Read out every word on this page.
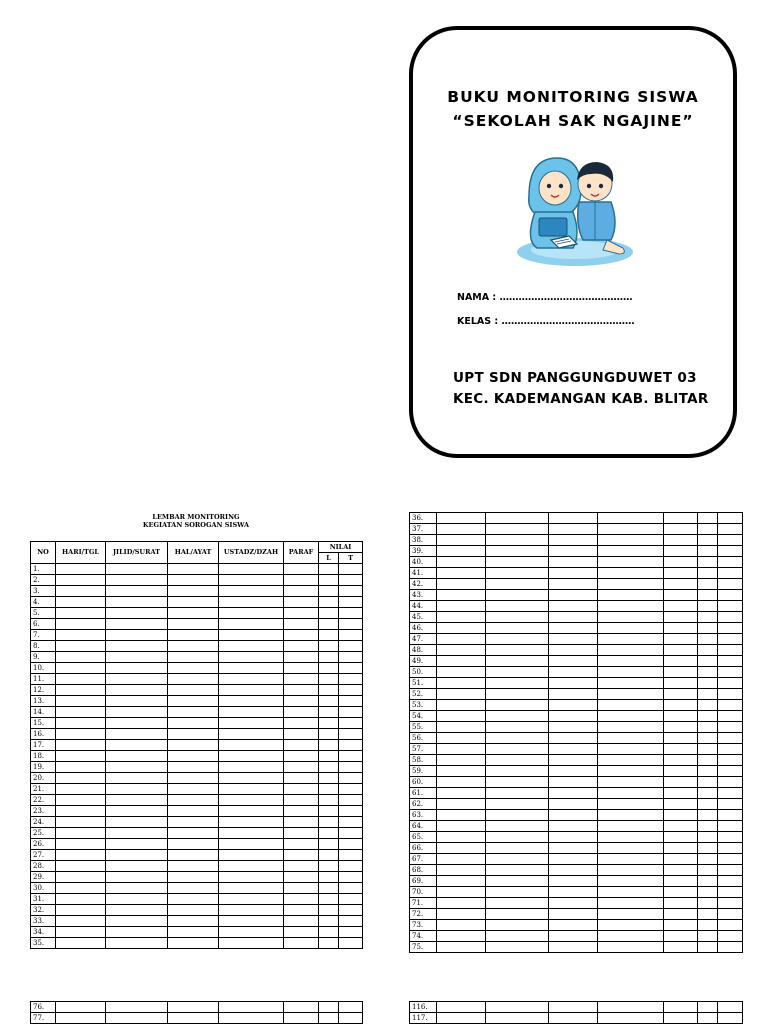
BUKU MONITORING SISWA
“SEKOLAH SAK NGAJINE”
NAMA : ……………………………………
KELAS : ……………………………………
UPT SDN PANGGUNGDUWET 03
KEC. KADEMANGAN KAB. BLITAR
LEMBAR MONITORING
KEGIATAN SOROGAN SISWA
NO	HARI/TGL	JILID/SURAT	HAL/AYAT	USTADZ/DZAH	PARAF	NILAI	
						L	T
1.							
2.							
3.							
4.							
5.							
6.							
7.							
8.							
9.							
10.							
11.							
12.							
13.							
14.							
15.							
16.							
17.							
18.							
19.							
20.							
21.							
22.							
23.							
24.							
25.							
26.							
27.							
28.							
29.							
30.							
31.							
32.							
33.							
34.							
35.							
36.							
37.							
38.							
39.							
40.							
41.							
42.							
43.							
44.							
45.							
46.							
47.							
48.							
49.							
50.							
51.							
52.							
53.							
54.							
55.							
56.							
57.							
58.							
59.							
60.							
61.							
62.							
63.							
64.							
65.							
66.							
67.							
68.							
69.							
70.							
71.							
72.							
73.							
74.							
75.							
76.							
77.							
116.							
117.							
